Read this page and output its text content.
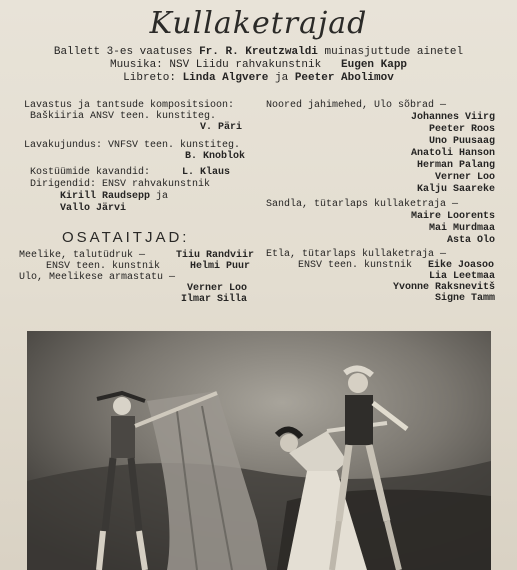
Kullaketrajad
Ballett 3-es vaatuses Fr. R. Kreutzwaldi muinasjuttude ainetel
Muusika: NSV Liidu rahvakunstnik Eugen Kapp
Libreto: Linda Algvere ja Peeter Abolimov
Lavastus ja tantsude kompositsioon:
Baškiiria ANSV teen. kunstiteg.
V. Päri
Lavakujundus: VNFSV teen. kunstiteg.
B. Knoblok
Kostüümide kavandid:	L. Klaus
Dirigendid: ENSV rahvakunstnik
Kirill Raudsepp ja
Vallo Järvi
OSATAITJAD:
Meelike, talutüdruk —	Tiiu Randviir
ENSV teen. kunstnik	Helmi Puur
Ulo, Meelikese armastatu —
Verner Loo
Ilmar Silla
Noored jahimehed, Ulo sõbrad —
Johannes Viirg
Peeter Roos
Uno Puusaag
Anatoli Hanson
Herman Palang
Verner Loo
Kalju Saareke
Sandla, tütarlaps kullaketraja —
Maire Loorents
Mai Murdmaa
Asta Olo
Etla, tütarlaps kullaketraja —
ENSV teen. kunstnik Eike Joasoo
Lia Leetmaa
Yvonne Raksnevitš
Signe Tamm
